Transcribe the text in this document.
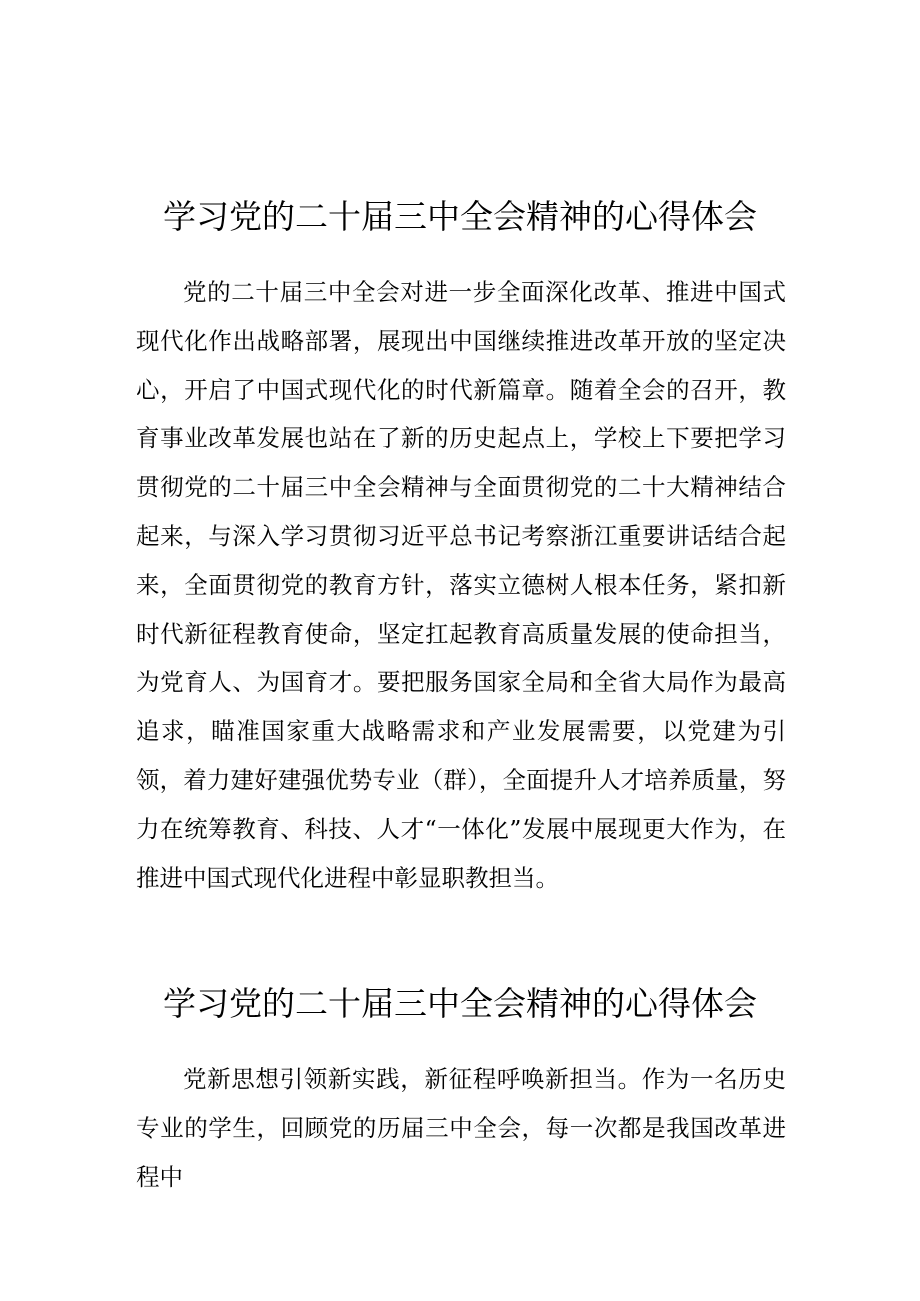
学习党的二十届三中全会精神的心得体会

党的二十届三中全会对进一步全面深化改革、推进中国式现代化作出战略部署，展现出中国继续推进改革开放的坚定决心，开启了中国式现代化的时代新篇章。随着全会的召开，教育事业改革发展也站在了新的历史起点上，学校上下要把学习贯彻党的二十届三中全会精神与全面贯彻党的二十大精神结合起来，与深入学习贯彻习近平总书记考察浙江重要讲话结合起来，全面贯彻党的教育方针，落实立德树人根本任务，紧扣新时代新征程教育使命，坚定扛起教育高质量发展的使命担当，为党育人、为国育才。要把服务国家全局和全省大局作为最高追求，瞄准国家重大战略需求和产业发展需要，以党建为引领，着力建好建强优势专业（群），全面提升人才培养质量，努力在统筹教育、科技、人才“一体化”发展中展现更大作为，在推进中国式现代化进程中彰显职教担当。

学习党的二十届三中全会精神的心得体会

党新思想引领新实践，新征程呼唤新担当。作为一名历史专业的学生，回顾党的历届三中全会，每一次都是我国改革进程中
